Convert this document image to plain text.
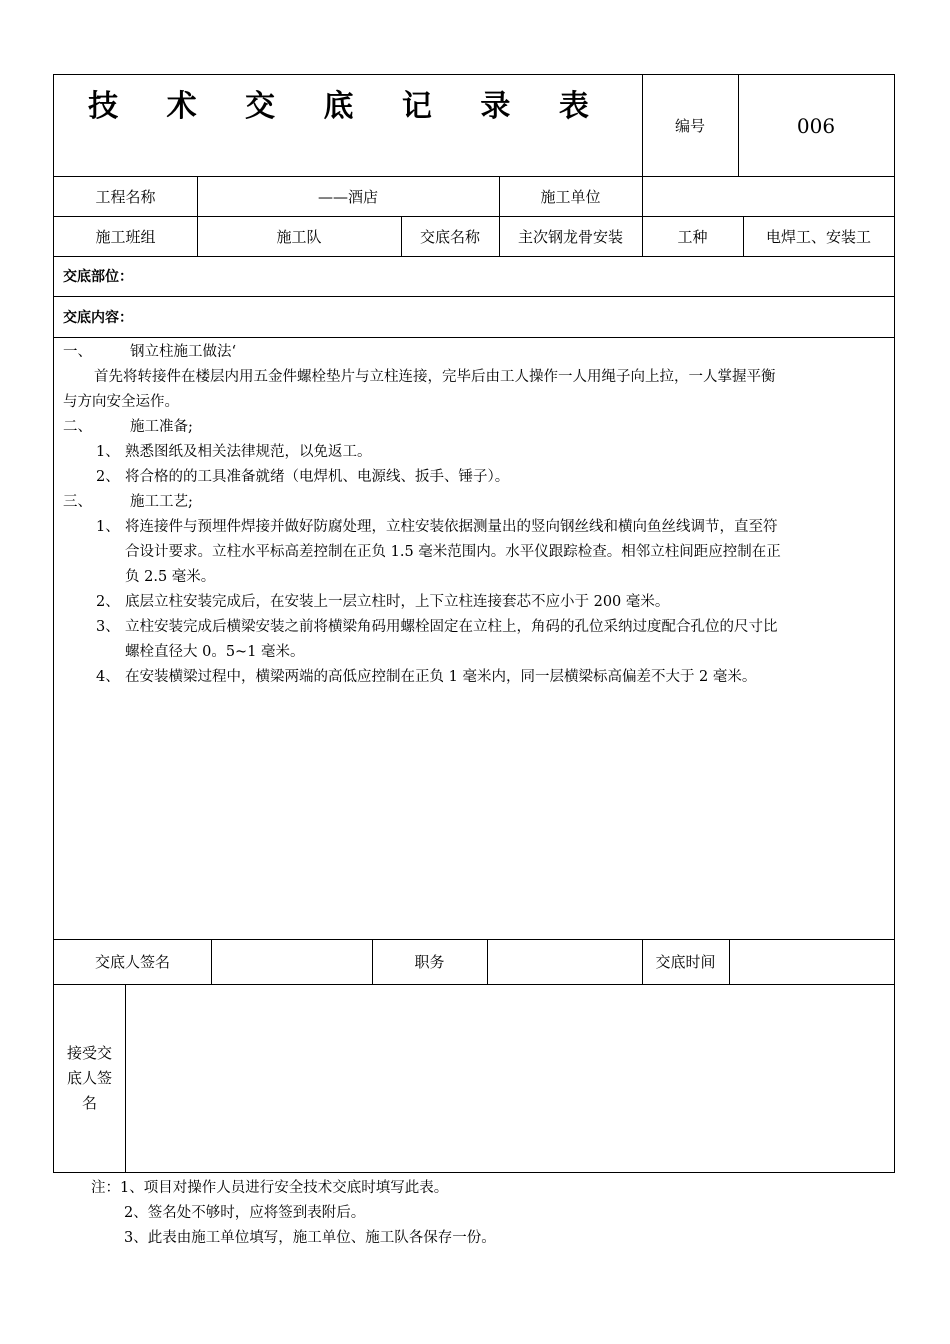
技 术 交 底 记 录 表
编号	006
工程名称	——酒店	施工单位
施工班组	施工队	交底名称	主次钢龙骨安装	工种	电焊工、安装工
交底部位：
交底内容：
一、	钢立柱施工做法‘
首先将转接件在楼层内用五金件螺栓垫片与立柱连接，完毕后由工人操作一人用绳子向上拉，一人掌握平衡
与方向安全运作。
二、	施工准备;
1、 熟悉图纸及相关法律规范，以免返工。
2、 将合格的的工具准备就绪（电焊机、电源线、扳手、锤子）。
三、	施工工艺;
1、 将连接件与预埋件焊接并做好防腐处理，立柱安装依据测量出的竖向钢丝线和横向鱼丝线调节，直至符
合设计要求。立柱水平标高差控制在正负 1.5 毫米范围内。水平仪跟踪检查。相邻立柱间距应控制在正
负 2.5 毫米。
2、 底层立柱安装完成后，在安装上一层立柱时，上下立柱连接套芯不应小于 200 毫米。
3、 立柱安装完成后横梁安装之前将横梁角码用螺栓固定在立柱上，角码的孔位采纳过度配合孔位的尺寸比
螺栓直径大 0。5~1 毫米。
4、 在安装横梁过程中，横梁两端的高低应控制在正负 1 毫米内，同一层横梁标高偏差不大于 2 毫米。
交底人签名	职务	交底时间
接受交
底人签
名
注：1、项目对操作人员进行安全技术交底时填写此表。
2、签名处不够时，应将签到表附后。
3、此表由施工单位填写，施工单位、施工队各保存一份。
